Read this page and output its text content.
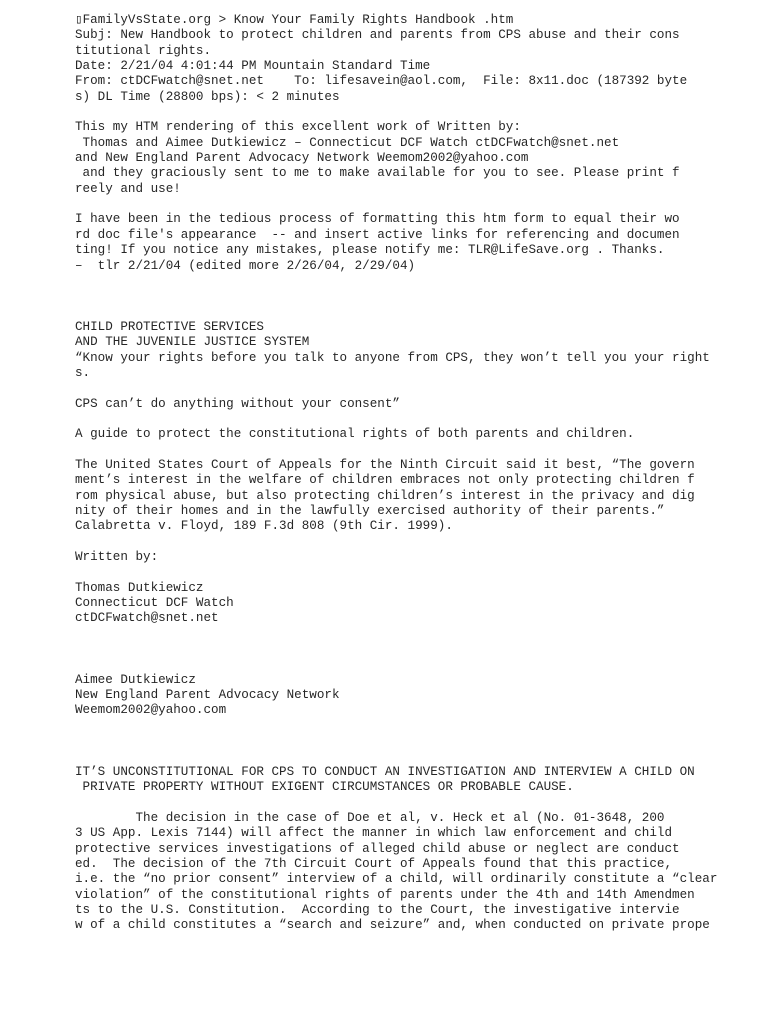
▯FamilyVsState.org > Know Your Family Rights Handbook .htm
Subj: New Handbook to protect children and parents from CPS abuse and their cons
titutional rights.
Date: 2/21/04 4:01:44 PM Mountain Standard Time
From: ctDCFwatch@snet.net    To: lifesavein@aol.com,  File: 8x11.doc (187392 byte
s) DL Time (28800 bps): < 2 minutes
This my HTM rendering of this excellent work of Written by:
Thomas and Aimee Dutkiewicz – Connecticut DCF Watch ctDCFwatch@snet.net
and New England Parent Advocacy Network Weemom2002@yahoo.com
and they graciously sent to me to make available for you to see. Please print f
reely and use!
I have been in the tedious process of formatting this htm form to equal their wo
rd doc file's appearance  -- and insert active links for referencing and documen
ting! If you notice any mistakes, please notify me: TLR@LifeSave.org . Thanks.
–  tlr 2/21/04 (edited more 2/26/04, 2/29/04)
CHILD PROTECTIVE SERVICES
AND THE JUVENILE JUSTICE SYSTEM
“Know your rights before you talk to anyone from CPS, they won’t tell you your right
s.
CPS can’t do anything without your consent”
A guide to protect the constitutional rights of both parents and children.
The United States Court of Appeals for the Ninth Circuit said it best, “The govern
ment’s interest in the welfare of children embraces not only protecting children f
rom physical abuse, but also protecting children’s interest in the privacy and dig
nity of their homes and in the lawfully exercised authority of their parents.”
Calabretta v. Floyd, 189 F.3d 808 (9th Cir. 1999).
Written by:
Thomas Dutkiewicz
Connecticut DCF Watch
ctDCFwatch@snet.net
Aimee Dutkiewicz
New England Parent Advocacy Network
Weemom2002@yahoo.com
IT’S UNCONSTITUTIONAL FOR CPS TO CONDUCT AN INVESTIGATION AND INTERVIEW A CHILD ON
PRIVATE PROPERTY WITHOUT EXIGENT CIRCUMSTANCES OR PROBABLE CAUSE.
The decision in the case of Doe et al, v. Heck et al (No. 01-3648, 200
3 US App. Lexis 7144) will affect the manner in which law enforcement and child
protective services investigations of alleged child abuse or neglect are conduct
ed.  The decision of the 7th Circuit Court of Appeals found that this practice,
i.e. the “no prior consent” interview of a child, will ordinarily constitute a “clear
violation” of the constitutional rights of parents under the 4th and 14th Amendmen
ts to the U.S. Constitution.  According to the Court, the investigative intervie
w of a child constitutes a “search and seizure” and, when conducted on private prope
